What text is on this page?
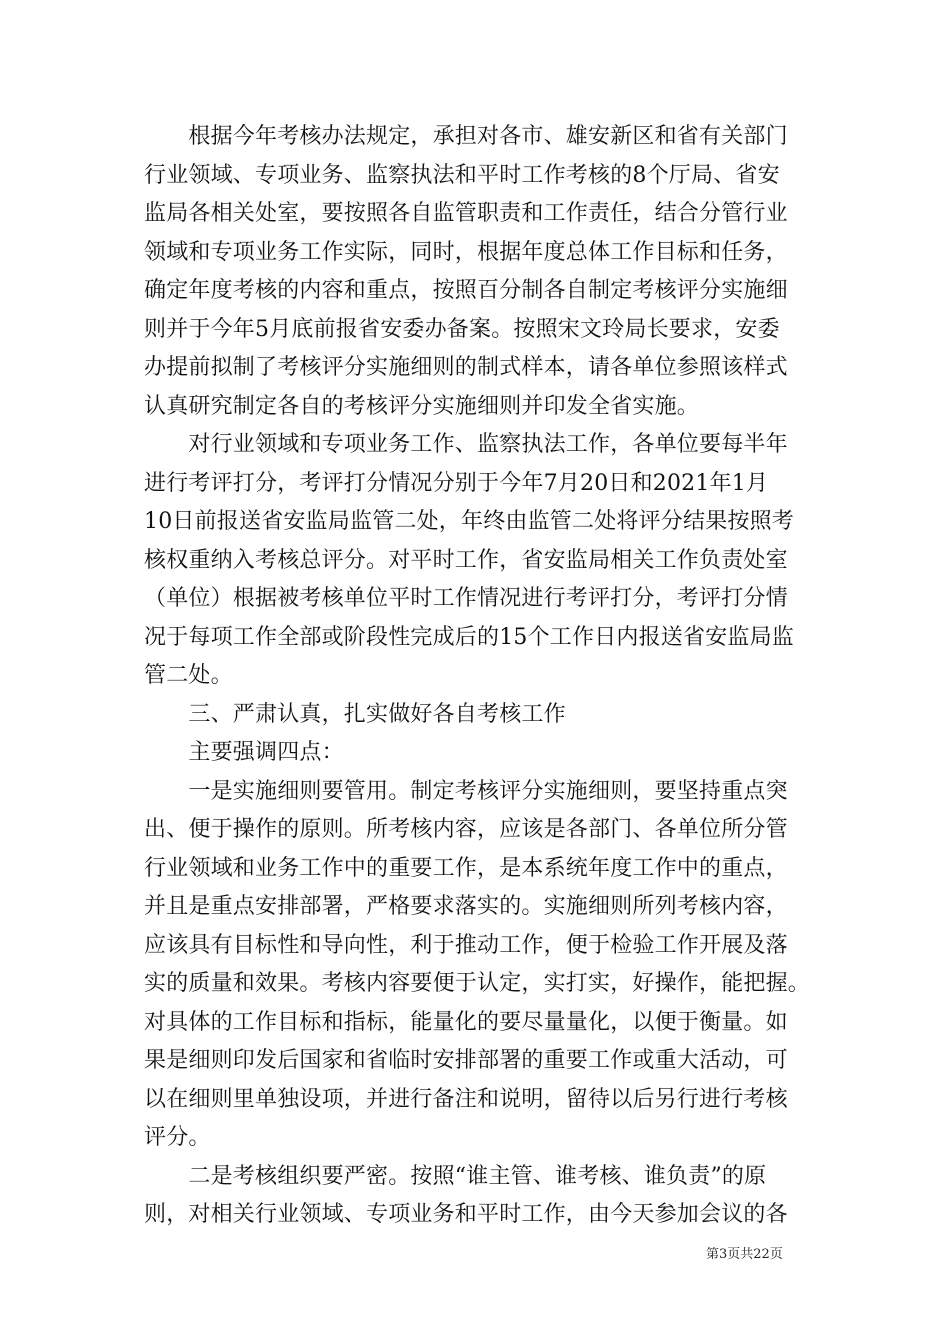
　　根据今年考核办法规定，承担对各市、雄安新区和省有关部门
行业领域、专项业务、监察执法和平时工作考核的8个厅局、省安
监局各相关处室，要按照各自监管职责和工作责任，结合分管行业
领域和专项业务工作实际，同时，根据年度总体工作目标和任务，
确定年度考核的内容和重点，按照百分制各自制定考核评分实施细
则并于今年5月底前报省安委办备案。按照宋文玲局长要求，安委
办提前拟制了考核评分实施细则的制式样本，请各单位参照该样式
认真研究制定各自的考核评分实施细则并印发全省实施。
　　对行业领域和专项业务工作、监察执法工作，各单位要每半年
进行考评打分，考评打分情况分别于今年7月20日和2021年1月
10日前报送省安监局监管二处，年终由监管二处将评分结果按照考
核权重纳入考核总评分。对平时工作，省安监局相关工作负责处室
（单位）根据被考核单位平时工作情况进行考评打分，考评打分情
况于每项工作全部或阶段性完成后的15个工作日内报送省安监局监
管二处。
　　三、严肃认真，扎实做好各自考核工作
　　主要强调四点：
　　一是实施细则要管用。制定考核评分实施细则，要坚持重点突
出、便于操作的原则。所考核内容，应该是各部门、各单位所分管
行业领域和业务工作中的重要工作，是本系统年度工作中的重点，
并且是重点安排部署，严格要求落实的。实施细则所列考核内容，
应该具有目标性和导向性，利于推动工作，便于检验工作开展及落
实的质量和效果。考核内容要便于认定，实打实，好操作，能把握。
对具体的工作目标和指标，能量化的要尽量量化，以便于衡量。如
果是细则印发后国家和省临时安排部署的重要工作或重大活动，可
以在细则里单独设项，并进行备注和说明，留待以后另行进行考核
评分。
　　二是考核组织要严密。按照“谁主管、谁考核、谁负责”的原
则，对相关行业领域、专项业务和平时工作，由今天参加会议的各
第3页共22页
